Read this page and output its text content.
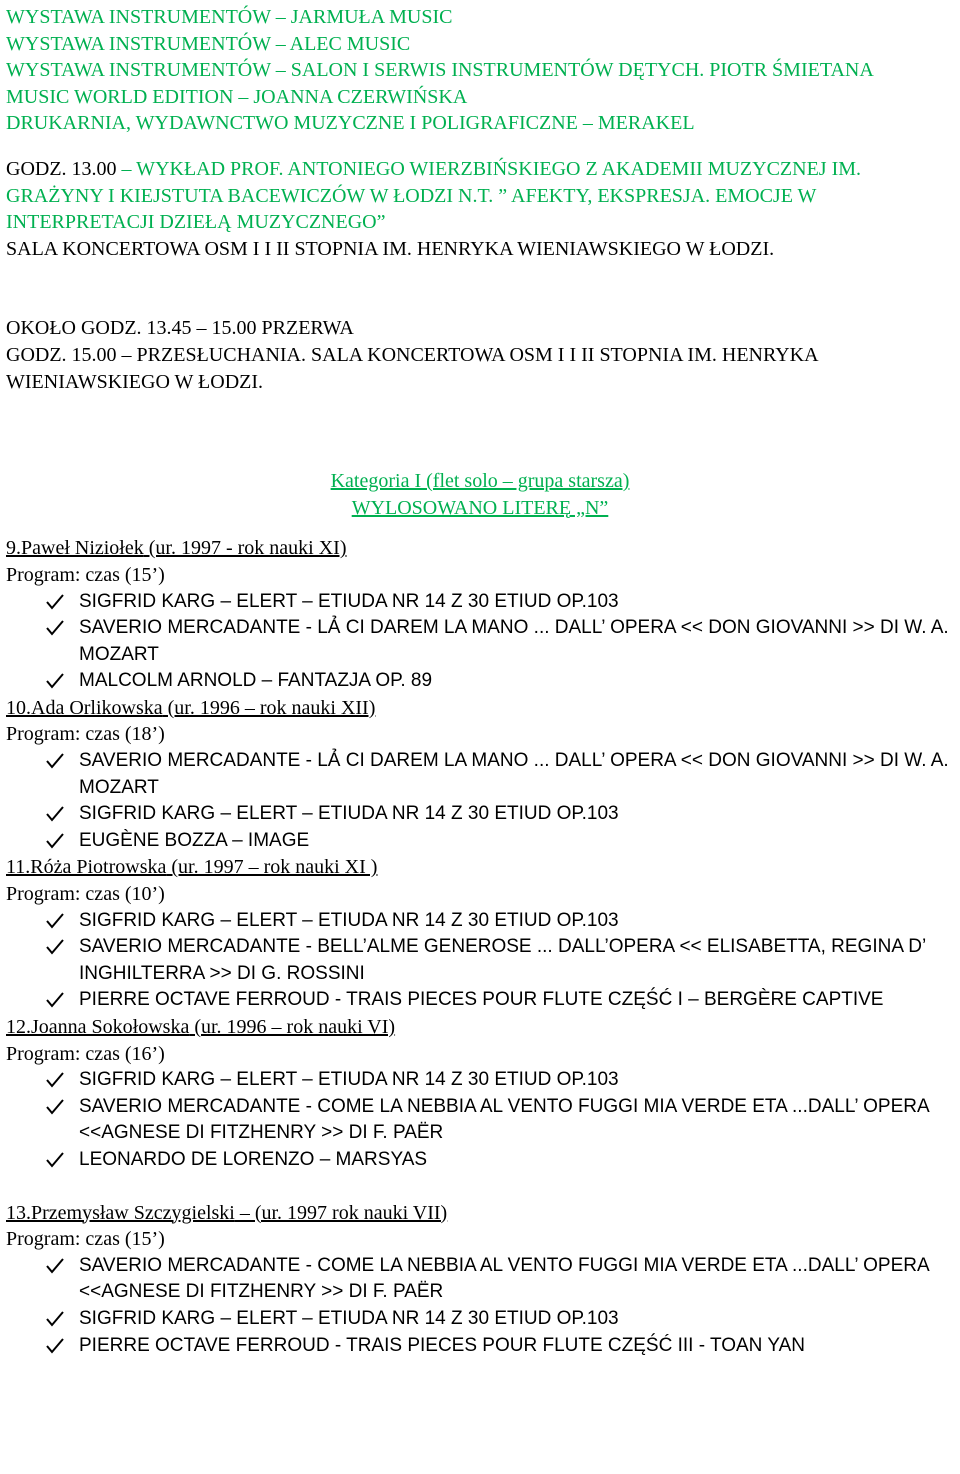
WYSTAWA INSTRUMENTÓW – JARMUŁA MUSIC
WYSTAWA INSTRUMENTÓW – ALEC MUSIC
WYSTAWA INSTRUMENTÓW – SALON I SERWIS INSTRUMENTÓW DĘTYCH. PIOTR ŚMIETANA
MUSIC WORLD EDITION – JOANNA CZERWIŃSKA
DRUKARNIA, WYDAWNCTWO MUZYCZNE I POLIGRAFICZNE – MERAKEL
GODZ. 13.00 – WYKŁAD PROF. ANTONIEGO WIERZBIŃSKIEGO Z AKADEMII MUZYCZNEJ IM. GRAŻYNY I KIEJSTUTA BACEWICZÓW W ŁODZI N.T. ” AFEKTY, EKSPRESJA. EMOCJE W INTERPRETACJI DZIEŁĄ MUZYCZNEGO”
SALA KONCERTOWA OSM I I II STOPNIA IM. HENRYKA WIENIAWSKIEGO W ŁODZI.
OKOŁO GODZ. 13.45 – 15.00 PRZERWA
GODZ. 15.00 – PRZESŁUCHANIA. SALA KONCERTOWA OSM I I II STOPNIA IM. HENRYKA WIENIAWSKIEGO W ŁODZI.
Kategoria I (flet solo – grupa starsza)
WYLOSOWANO LITERĘ „N”
9.Paweł Niziołek (ur. 1997 - rok nauki XI)
Program: czas (15’)
SIGFRID KARG – ELERT – ETIUDA NR 14 Z 30 ETIUD OP.103
SAVERIO MERCADANTE - LẢ CI DAREM LA MANO ... DALL’ OPERA << DON GIOVANNI >> DI W. A. MOZART
MALCOLM ARNOLD – FANTAZJA OP. 89
10.Ada Orlikowska (ur. 1996 – rok nauki XII)
Program: czas (18’)
SAVERIO MERCADANTE - LẢ CI DAREM LA MANO ... DALL’ OPERA << DON GIOVANNI >> DI W. A. MOZART
SIGFRID KARG – ELERT – ETIUDA NR 14 Z 30 ETIUD OP.103
EUGÈNE BOZZA – IMAGE
11.Róża Piotrowska (ur. 1997 – rok nauki XI )
Program: czas (10’)
SIGFRID KARG – ELERT – ETIUDA NR 14 Z 30 ETIUD OP.103
SAVERIO MERCADANTE - BELL’ALME GENEROSE ... DALL’OPERA << ELISABETTA, REGINA D’ INGHILTERRA >> DI G. ROSSINI
PIERRE OCTAVE FERROUD - TRAIS PIECES POUR FLUTE CZĘŚĆ I – BERGÈRE CAPTIVE
12.Joanna Sokołowska (ur. 1996 – rok nauki VI)
Program: czas (16’)
SIGFRID KARG – ELERT – ETIUDA NR 14 Z 30 ETIUD OP.103
SAVERIO MERCADANTE - COME LA NEBBIA AL VENTO FUGGI MIA VERDE ETA ...DALL’ OPERA <<AGNESE DI FITZHENRY >> DI F. PAËR
LEONARDO DE LORENZO – MARSYAS
13.Przemysław Szczygielski – (ur. 1997 rok nauki VII)
Program: czas (15’)
SAVERIO MERCADANTE - COME LA NEBBIA AL VENTO FUGGI MIA VERDE ETA ...DALL’ OPERA <<AGNESE DI FITZHENRY >> DI F. PAËR
SIGFRID KARG – ELERT – ETIUDA NR 14 Z 30 ETIUD OP.103
PIERRE OCTAVE FERROUD - TRAIS PIECES POUR FLUTE CZĘŚĆ III - TOAN YAN
